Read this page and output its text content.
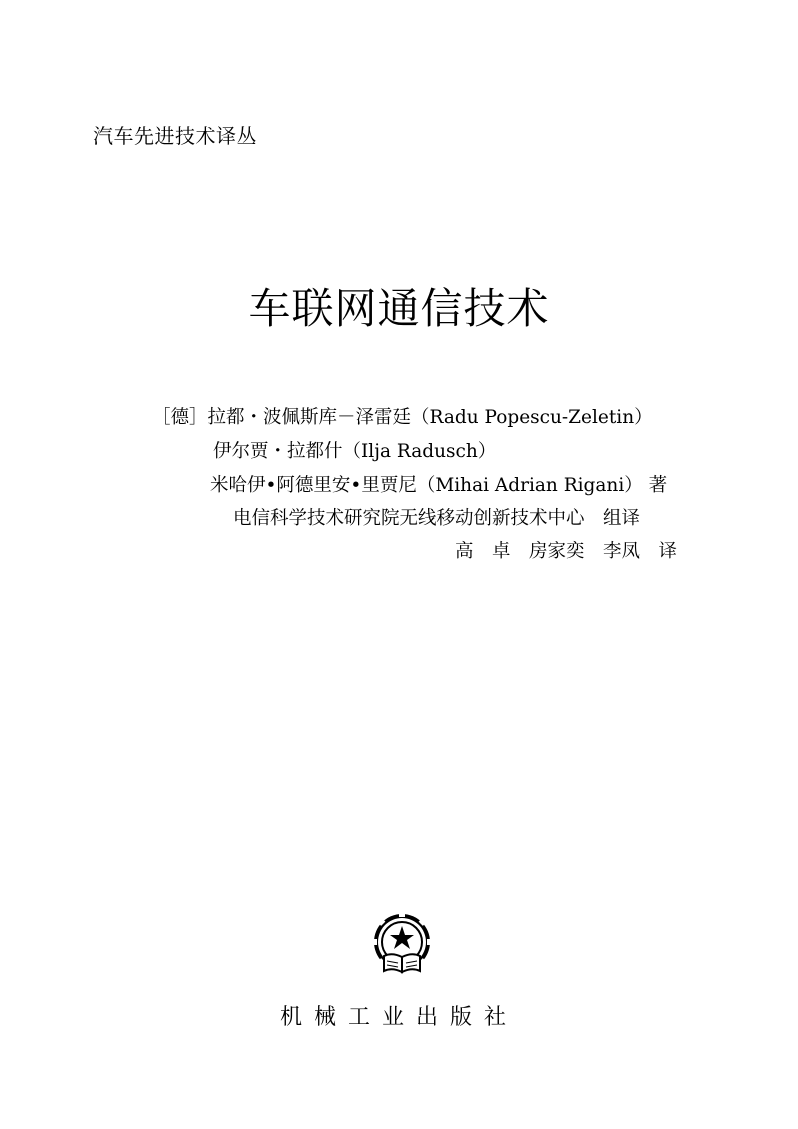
汽车先进技术译丛
车联网通信技术
［德］拉都・波佩斯库－泽雷廷（Radu Popescu-Zeletin）
伊尔贾・拉都什（Ilja Radusch）
米哈伊•阿德里安•里贾尼（Mihai Adrian Rigani） 著
电信科学技术研究院无线移动创新技术中心　组译
高　卓　房家奕　李凤　译
机械工业出版社
